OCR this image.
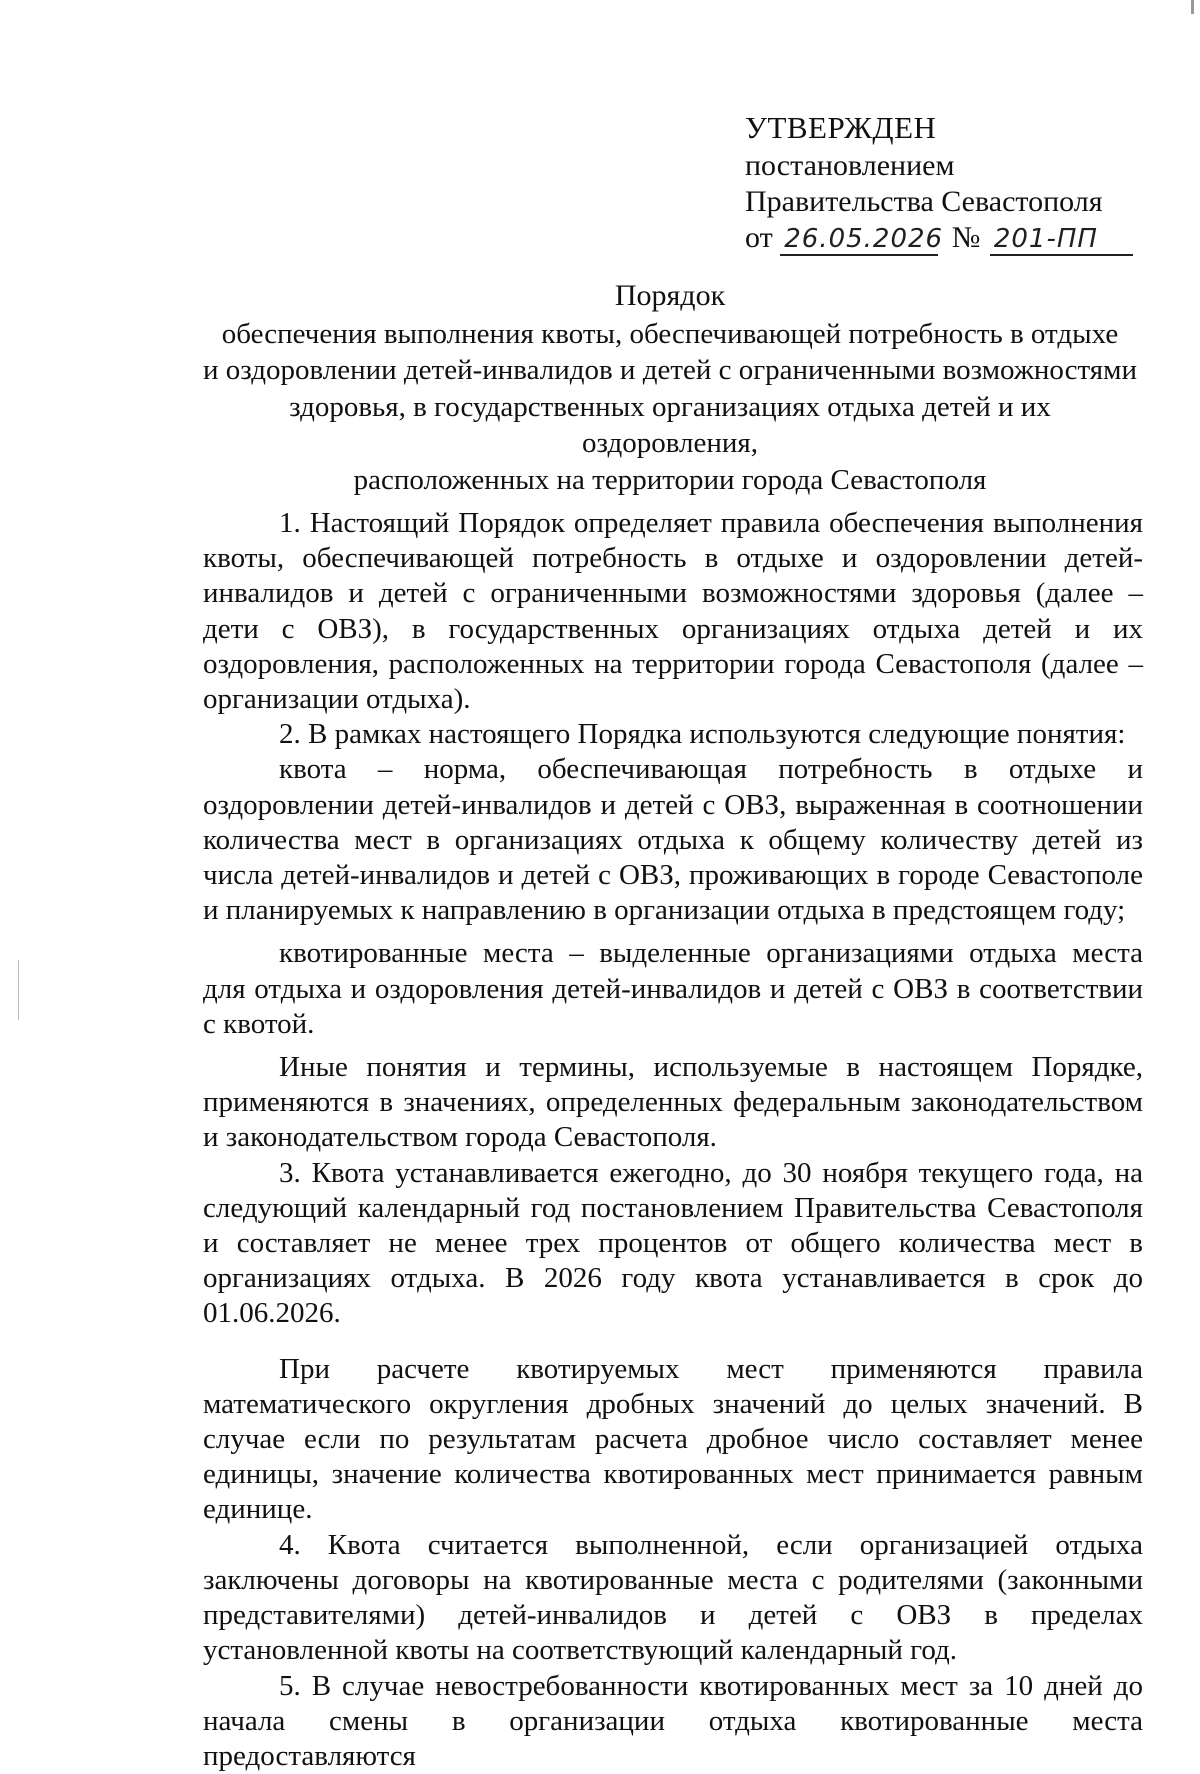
УТВЕРЖДЕН
постановлением
Правительства Севастополя
от 26.05.2026 № 201-ПП
Порядок
обеспечения выполнения квоты, обеспечивающей потребность в отдыхе
и оздоровлении детей-инвалидов и детей с ограниченными возможностями
здоровья, в государственных организациях отдыха детей и их оздоровления,
расположенных на территории города Севастополя

1. Настоящий Порядок определяет правила обеспечения выполнения квоты, обеспечивающей потребность в отдыхе и оздоровлении детей-инвалидов и детей с ограниченными возможностями здоровья (далее – дети с ОВЗ), в государственных организациях отдыха детей и их оздоровления, расположенных на территории города Севастополя (далее – организации отдыха).

2. В рамках настоящего Порядка используются следующие понятия:

квота – норма, обеспечивающая потребность в отдыхе и оздоровлении детей-инвалидов и детей с ОВЗ, выраженная в соотношении количества мест в организациях отдыха к общему количеству детей из числа детей-инвалидов и детей с ОВЗ, проживающих в городе Севастополе и планируемых к направлению в организации отдыха в предстоящем году;

квотированные места – выделенные организациями отдыха места для отдыха и оздоровления детей-инвалидов и детей с ОВЗ в соответствии с квотой.

Иные понятия и термины, используемые в настоящем Порядке, применяются в значениях, определенных федеральным законодательством и законодательством города Севастополя.

3. Квота устанавливается ежегодно, до 30 ноября текущего года, на следующий календарный год постановлением Правительства Севастополя и составляет не менее трех процентов от общего количества мест в организациях отдыха. В 2026 году квота устанавливается в срок до 01.06.2026.

При расчете квотируемых мест применяются правила математического округления дробных значений до целых значений. В случае если по результатам расчета дробное число составляет менее единицы, значение количества квотированных мест принимается равным единице.

4. Квота считается выполненной, если организацией отдыха заключены договоры на квотированные места с родителями (законными представителями) детей-инвалидов и детей с ОВЗ в пределах установленной квоты на соответствующий календарный год.

5. В случае невостребованности квотированных мест за 10 дней до начала смены в организации отдыха квотированные места предоставляются
